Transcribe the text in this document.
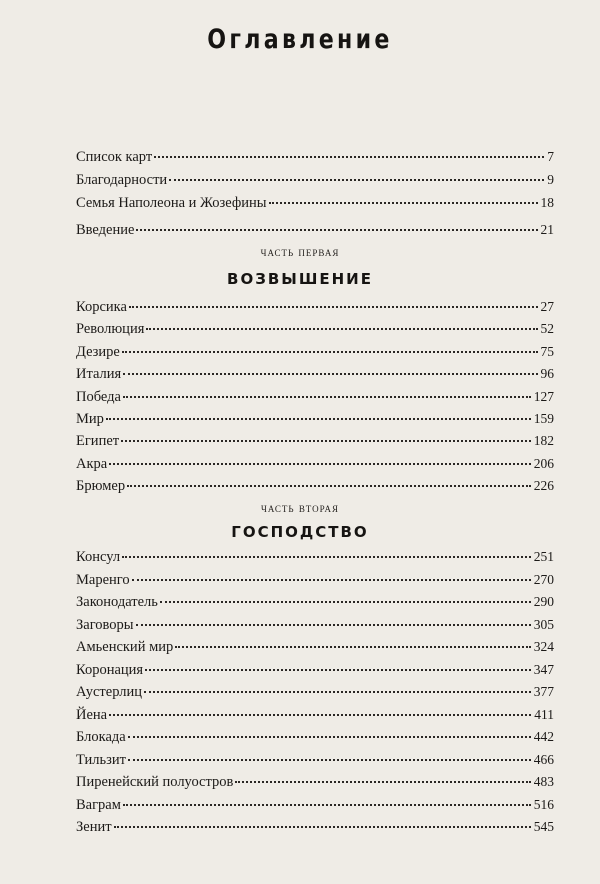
Оглавление
Список карт	7
Благодарности	9
Семья Наполеона и Жозефины	18
Введение	21
часть первая
ВОЗВЫШЕНИЕ
часть вторая
ГОСПОДСТВО
Корсика	27
Революция	52
Дезире	75
Италия	96
Победа	127
Мир	159
Египет	182
Акра	206
Брюмер	226
Консул	251
Маренго	270
Законодатель	290
Заговоры	305
Амьенский мир	324
Коронация	347
Аустерлиц	377
Йена	411
Блокада	442
Тильзит	466
Пиренейский полуостров	483
Ваграм	516
Зенит	545
